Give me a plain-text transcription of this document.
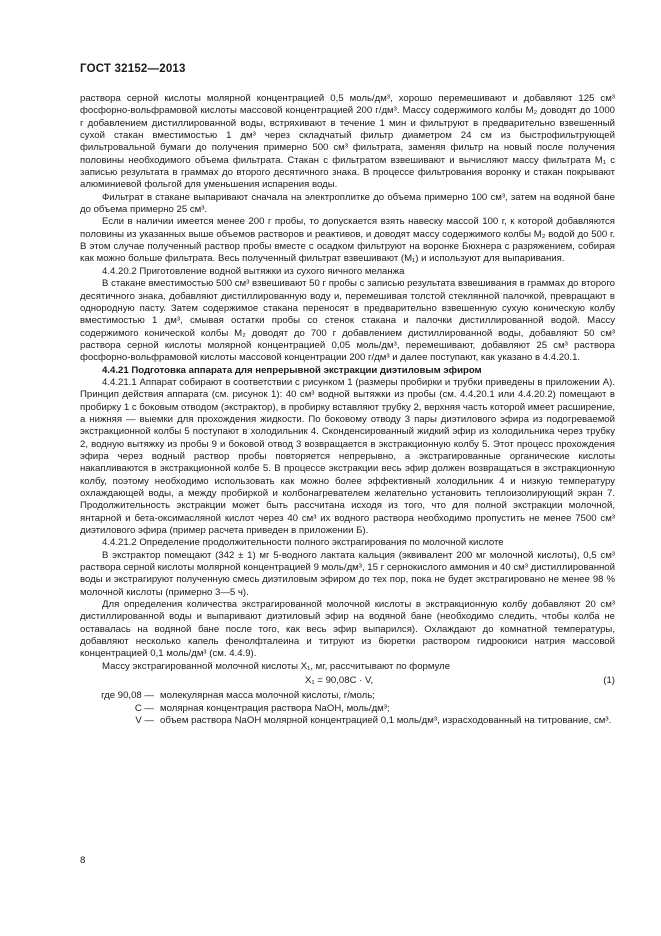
ГОСТ 32152—2013

раствора серной кислоты молярной концентрацией 0,5 моль/дм³, хорошо перемешивают и добавляют 125 см³ фосфорно-вольфрамовой кислоты массовой концентрацией 200 г/дм³. Массу содержимого колбы M₂ доводят до 1000 г добавлением дистиллированной воды, встряхивают в течение 1 мин и фильтруют в предварительно взвешенный сухой стакан вместимостью 1 дм³ через складчатый фильтр диаметром 24 см из быстрофильтрующей фильтровальной бумаги до получения примерно 500 см³ фильтрата, заменяя фильтр на новый после получения половины необходимого объема фильтрата. Стакан с фильтратом взвешивают и вычисляют массу фильтрата M₁ с записью результата в граммах до второго десятичного знака. В процессе фильтрования воронку и стакан покрывают алюминиевой фольгой для уменьшения испарения воды.

Фильтрат в стакане выпаривают сначала на электроплитке до объема примерно 100 см³, затем на водяной бане до объема примерно 25 см³.

Если в наличии имеется менее 200 г пробы, то допускается взять навеску массой 100 г, к которой добавляются половины из указанных выше объемов растворов и реактивов, и доводят массу содержимого колбы M₂ водой до 500 г. В этом случае полученный раствор пробы вместе с осадком фильтруют на воронке Бюхнера с разряжением, собирая как можно больше фильтрата. Весь полученный фильтрат взвешивают (M₁) и используют для выпаривания.

4.4.20.2 Приготовление водной вытяжки из сухого яичного меланжа

В стакане вместимостью 500 см³ взвешивают 50 г пробы с записью результата взвешивания в граммах до второго десятичного знака, добавляют дистиллированную воду и, перемешивая толстой стеклянной палочкой, превращают в однородную пасту. Затем содержимое стакана переносят в предварительно взвешенную сухую коническую колбу вместимостью 1 дм³, смывая остатки пробы со стенок стакана и палочки дистиллированной водой. Массу содержимого конической колбы M₂ доводят до 700 г добавлением дистиллированной воды, добавляют 50 см³ раствора серной кислоты молярной концентрацией 0,05 моль/дм³, перемешивают, добавляют 25 см³ раствора фосфорно-вольфрамовой кислоты массовой концентрации 200 г/дм³ и далее поступают, как указано в 4.4.20.1.

4.4.21 Подготовка аппарата для непрерывной экстракции диэтиловым эфиром

4.4.21.1 Аппарат собирают в соответствии с рисунком 1 (размеры пробирки и трубки приведены в приложении А). Принцип действия аппарата (см. рисунок 1): 40 см³ водной вытяжки из пробы (см. 4.4.20.1 или 4.4.20.2) помещают в пробирку 1 с боковым отводом (экстрактор), в пробирку вставляют трубку 2, верхняя часть которой имеет расширение, а нижняя — выемки для прохождения жидкости. По боковому отводу 3 пары диэтилового эфира из подогреваемой экстракционной колбы 5 поступают в холодильник 4. Сконденсированный жидкий эфир из холодильника через трубку 2, водную вытяжку из пробы 9 и боковой отвод 3 возвращается в экстракционную колбу 5. Этот процесс прохождения эфира через водный раствор пробы повторяется непрерывно, а экстрагированные органические кислоты накапливаются в экстракционной колбе 5. В процессе экстракции весь эфир должен возвращаться в экстракционную колбу, поэтому необходимо использовать как можно более эффективный холодильник 4 и низкую температуру охлаждающей воды, а между пробиркой и колбонагревателем желательно установить теплоизолирующий экран 7. Продолжительность экстракции может быть рассчитана исходя из того, что для полной экстракции молочной, янтарной и бета-оксимасляной кислот через 40 см³ их водного раствора необходимо пропустить не менее 7500 см³ диэтилового эфира (пример расчета приведен в приложении Б).

4.4.21.2 Определение продолжительности полного экстрагирования по молочной кислоте

В экстрактор помещают (342 ± 1) мг 5-водного лактата кальция (эквивалент 200 мг молочной кислоты), 0,5 см³ раствора серной кислоты молярной концентрацией 9 моль/дм³, 15 г сернокислого аммония и 40 см³ дистиллированной воды и экстрагируют полученную смесь диэтиловым эфиром до тех пор, пока не будет экстрагировано не менее 98 % молочной кислоты (примерно 3—5 ч).

Для определения количества экстрагированной молочной кислоты в экстракционную колбу добавляют 20 см³ дистиллированной воды и выпаривают диэтиловый эфир на водяной бане (необходимо следить, чтобы колба не оставалась на водяной бане после того, как весь эфир выпарился). Охлаждают до комнатной температуры, добавляют несколько капель фенолфталеина и титруют из бюретки раствором гидроокиси натрия массовой концентрацией 0,1 моль/дм³ (см. 4.4.9).

Массу экстрагированной молочной кислоты X₁, мг, рассчитывают по формуле

X₁ = 90,08C · V,	(1)
где 90,08 — молекулярная масса молочной кислоты, г/моль;
C — молярная концентрация раствора NaOH, моль/дм³;
V — объем раствора NaOH молярной концентрацией 0,1 моль/дм³, израсходованный на титрование, см³.
8
